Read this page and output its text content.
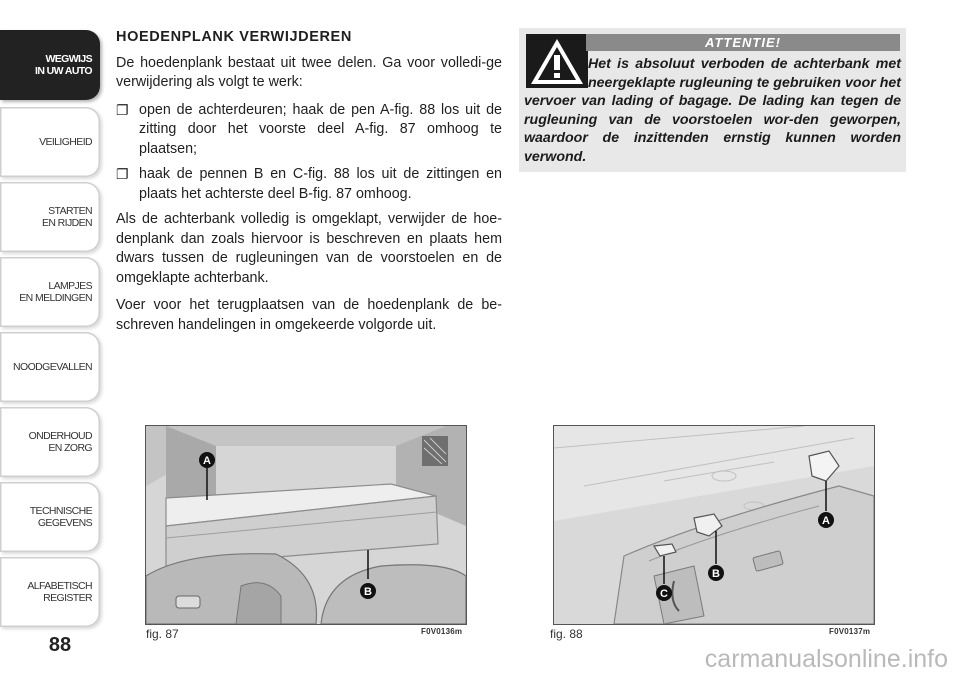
WEGWIJS
IN UW AUTO
VEILIGHEID
STARTEN
EN RIJDEN
LAMPJES
EN MELDINGEN
NOODGEVALLEN
ONDERHOUD
EN ZORG
TECHNISCHE
GEGEVENS
ALFABETISCH
REGISTER
88
HOEDENPLANK VERWIJDEREN

De hoedenplank bestaat uit twee delen. Ga voor volledi-ge verwijdering als volgt te werk:

❐ open de achterdeuren; haak de pen A-fig. 88 los uit de zitting door het voorste deel A-fig. 87 omhoog te plaatsen;
❐ haak de pennen B en C-fig. 88 los uit de zittingen en plaats het achterste deel B-fig. 87 omhoog.

Als de achterbank volledig is omgeklapt, verwijder de hoe-denplank dan zoals hiervoor is beschreven en plaats hem dwars tussen de rugleuningen van de voorstoelen en de omgeklapte achterbank.

Voer voor het terugplaatsen van de hoedenplank de be-schreven handelingen in omgekeerde volgorde uit.

ATTENTIE!
Het is absoluut verboden de achterbank met neergeklapte rugleuning te gebruiken voor het vervoer van lading of bagage. De lading kan tegen de rugleuning van de voorstoelen wor-den geworpen, waardoor de inzittenden ernstig kunnen worden verwond.
A
B
fig. 87	F0V0136m
A
B
C
fig. 88	F0V0137m
carmanualsonline.info
